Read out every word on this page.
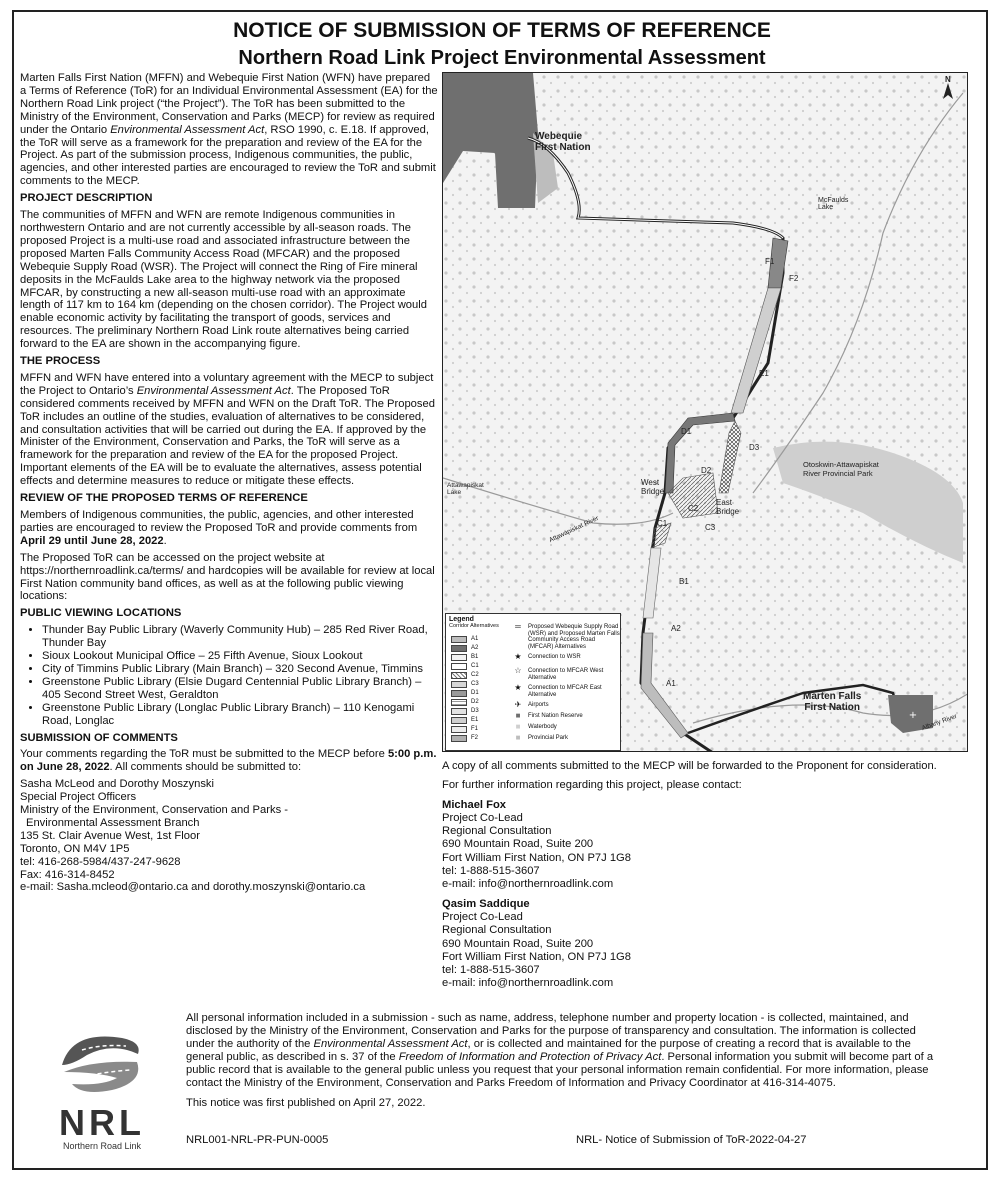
NOTICE OF SUBMISSION OF TERMS OF REFERENCE
Northern Road Link Project Environmental Assessment

Marten Falls First Nation (MFFN) and Webequie First Nation (WFN) have prepared a Terms of Reference (ToR) for an Individual Environmental Assessment (EA) for the Northern Road Link project (“the Project”). The ToR has been submitted to the Ministry of the Environment, Conservation and Parks (MECP) for review as required under the Ontario Environmental Assessment Act, RSO 1990, c. E.18. If approved, the ToR will serve as a framework for the preparation and review of the EA for the Project. As part of the submission process, Indigenous communities, the public, agencies, and other interested parties are encouraged to review the ToR and submit comments to the MECP.

PROJECT DESCRIPTION

The communities of MFFN and WFN are remote Indigenous communities in northwestern Ontario and are not currently accessible by all-season roads. The proposed Project is a multi-use road and associated infrastructure between the proposed Marten Falls Community Access Road (MFCAR) and the proposed Webequie Supply Road (WSR). The Project will connect the Ring of Fire mineral deposits in the McFaulds Lake area to the highway network via the proposed MFCAR, by constructing a new all-season multi-use road with an approximate length of 117 km to 164 km (depending on the chosen corridor). The Project would enable economic activity by facilitating the transport of goods, services and resources. The preliminary Northern Road Link route alternatives being carried forward to the EA are shown in the accompanying figure.

THE PROCESS

MFFN and WFN have entered into a voluntary agreement with the MECP to subject the Project to Ontario’s Environmental Assessment Act. The Proposed ToR considered comments received by MFFN and WFN on the Draft ToR. The Proposed ToR includes an outline of the studies, evaluation of alternatives to be considered, and consultation activities that will be carried out during the EA. If approved by the Minister of the Environment, Conservation and Parks, the ToR will serve as a framework for the preparation and review of the EA for the proposed Project. Important elements of the EA will be to evaluate the alternatives, assess potential effects and determine measures to reduce or mitigate these effects.

REVIEW OF THE PROPOSED TERMS OF REFERENCE

Members of Indigenous communities, the public, agencies, and other interested parties are encouraged to review the Proposed ToR and provide comments from April 29 until June 28, 2022.

The Proposed ToR can be accessed on the project website at https://northernroadlink.ca/terms/ and hardcopies will be available for review at local First Nation community band offices, as well as at the following public viewing locations:

PUBLIC VIEWING LOCATIONS
• Thunder Bay Public Library (Waverly Community Hub) – 285 Red River Road, Thunder Bay
• Sioux Lookout Municipal Office – 25 Fifth Avenue, Sioux Lookout
• City of Timmins Public Library (Main Branch) – 320 Second Avenue, Timmins
• Greenstone Public Library (Elsie Dugard Centennial Public Library Branch) – 405 Second Street West, Geraldton
• Greenstone Public Library (Longlac Public Library Branch) – 110 Kenogami Road, Longlac
SUBMISSION OF COMMENTS

Your comments regarding the ToR must be submitted to the MECP before 5:00 p.m. on June 28, 2022. All comments should be submitted to:

Sasha McLeod and Dorothy Moszynski
Special Project Officers
Ministry of the Environment, Conservation and Parks -
Environmental Assessment Branch
135 St. Clair Avenue West, 1st Floor
Toronto, ON M4V 1P5
tel: 416-268-5984/437-247-9628
Fax: 416-314-8452
e-mail: Sasha.mcleod@ontario.ca and dorothy.moszynski@ontario.ca
+
N
Webequie
First Nation
Marten Falls
First Nation
McFaulds
Lake
Otoskwin-Attawapiskat
River Provincial Park
Attawapiskat
Lake
Attawapiskat River
Albany River
West
Bridge
East
Bridge
F1
F2
E1
D1
D2
D3
C1
C2
C3
B1
A2
A1
Legend
Corridor Alternatives
A1
A2
B1
C1
C2
C3
D1
D2
D3
E1
F1
F2
═	Proposed Webequie Supply Road (WSR) and Proposed Marten Falls Community Access Road (MFCAR) Alternatives
★	Connection to WSR
☆	Connection to MFCAR West Alternative
★	Connection to MFCAR East Alternative
✈	Airports
■	First Nation Reserve
■	Waterbody
■	Provincial Park

A copy of all comments submitted to the MECP will be forwarded to the Proponent for consideration.

For further information regarding this project, please contact:

Michael Fox
Project Co-Lead
Regional Consultation
690 Mountain Road, Suite 200
Fort William First Nation, ON P7J 1G8
tel: 1-888-515-3607
e-mail: info@northernroadlink.com
Qasim Saddique
Project Co-Lead
Regional Consultation
690 Mountain Road, Suite 200
Fort William First Nation, ON P7J 1G8
tel: 1-888-515-3607
e-mail: info@northernroadlink.com
NRL
Northern Road Link

All personal information included in a submission - such as name, address, telephone number and property location - is collected, maintained, and disclosed by the Ministry of the Environment, Conservation and Parks for the purpose of transparency and consultation. The information is collected under the authority of the Environmental Assessment Act, or is collected and maintained for the purpose of creating a record that is available to the general public, as described in s. 37 of the Freedom of Information and Protection of Privacy Act. Personal information you submit will become part of a public record that is available to the general public unless you request that your personal information remain confidential. For more information, please contact the Ministry of the Environment, Conservation and Parks Freedom of Information and Privacy Coordinator at 416-314-4075.

This notice was first published on April 27, 2022.

NRL001-NRL-PR-PUN-0005	NRL- Notice of Submission of ToR-2022-04-27
